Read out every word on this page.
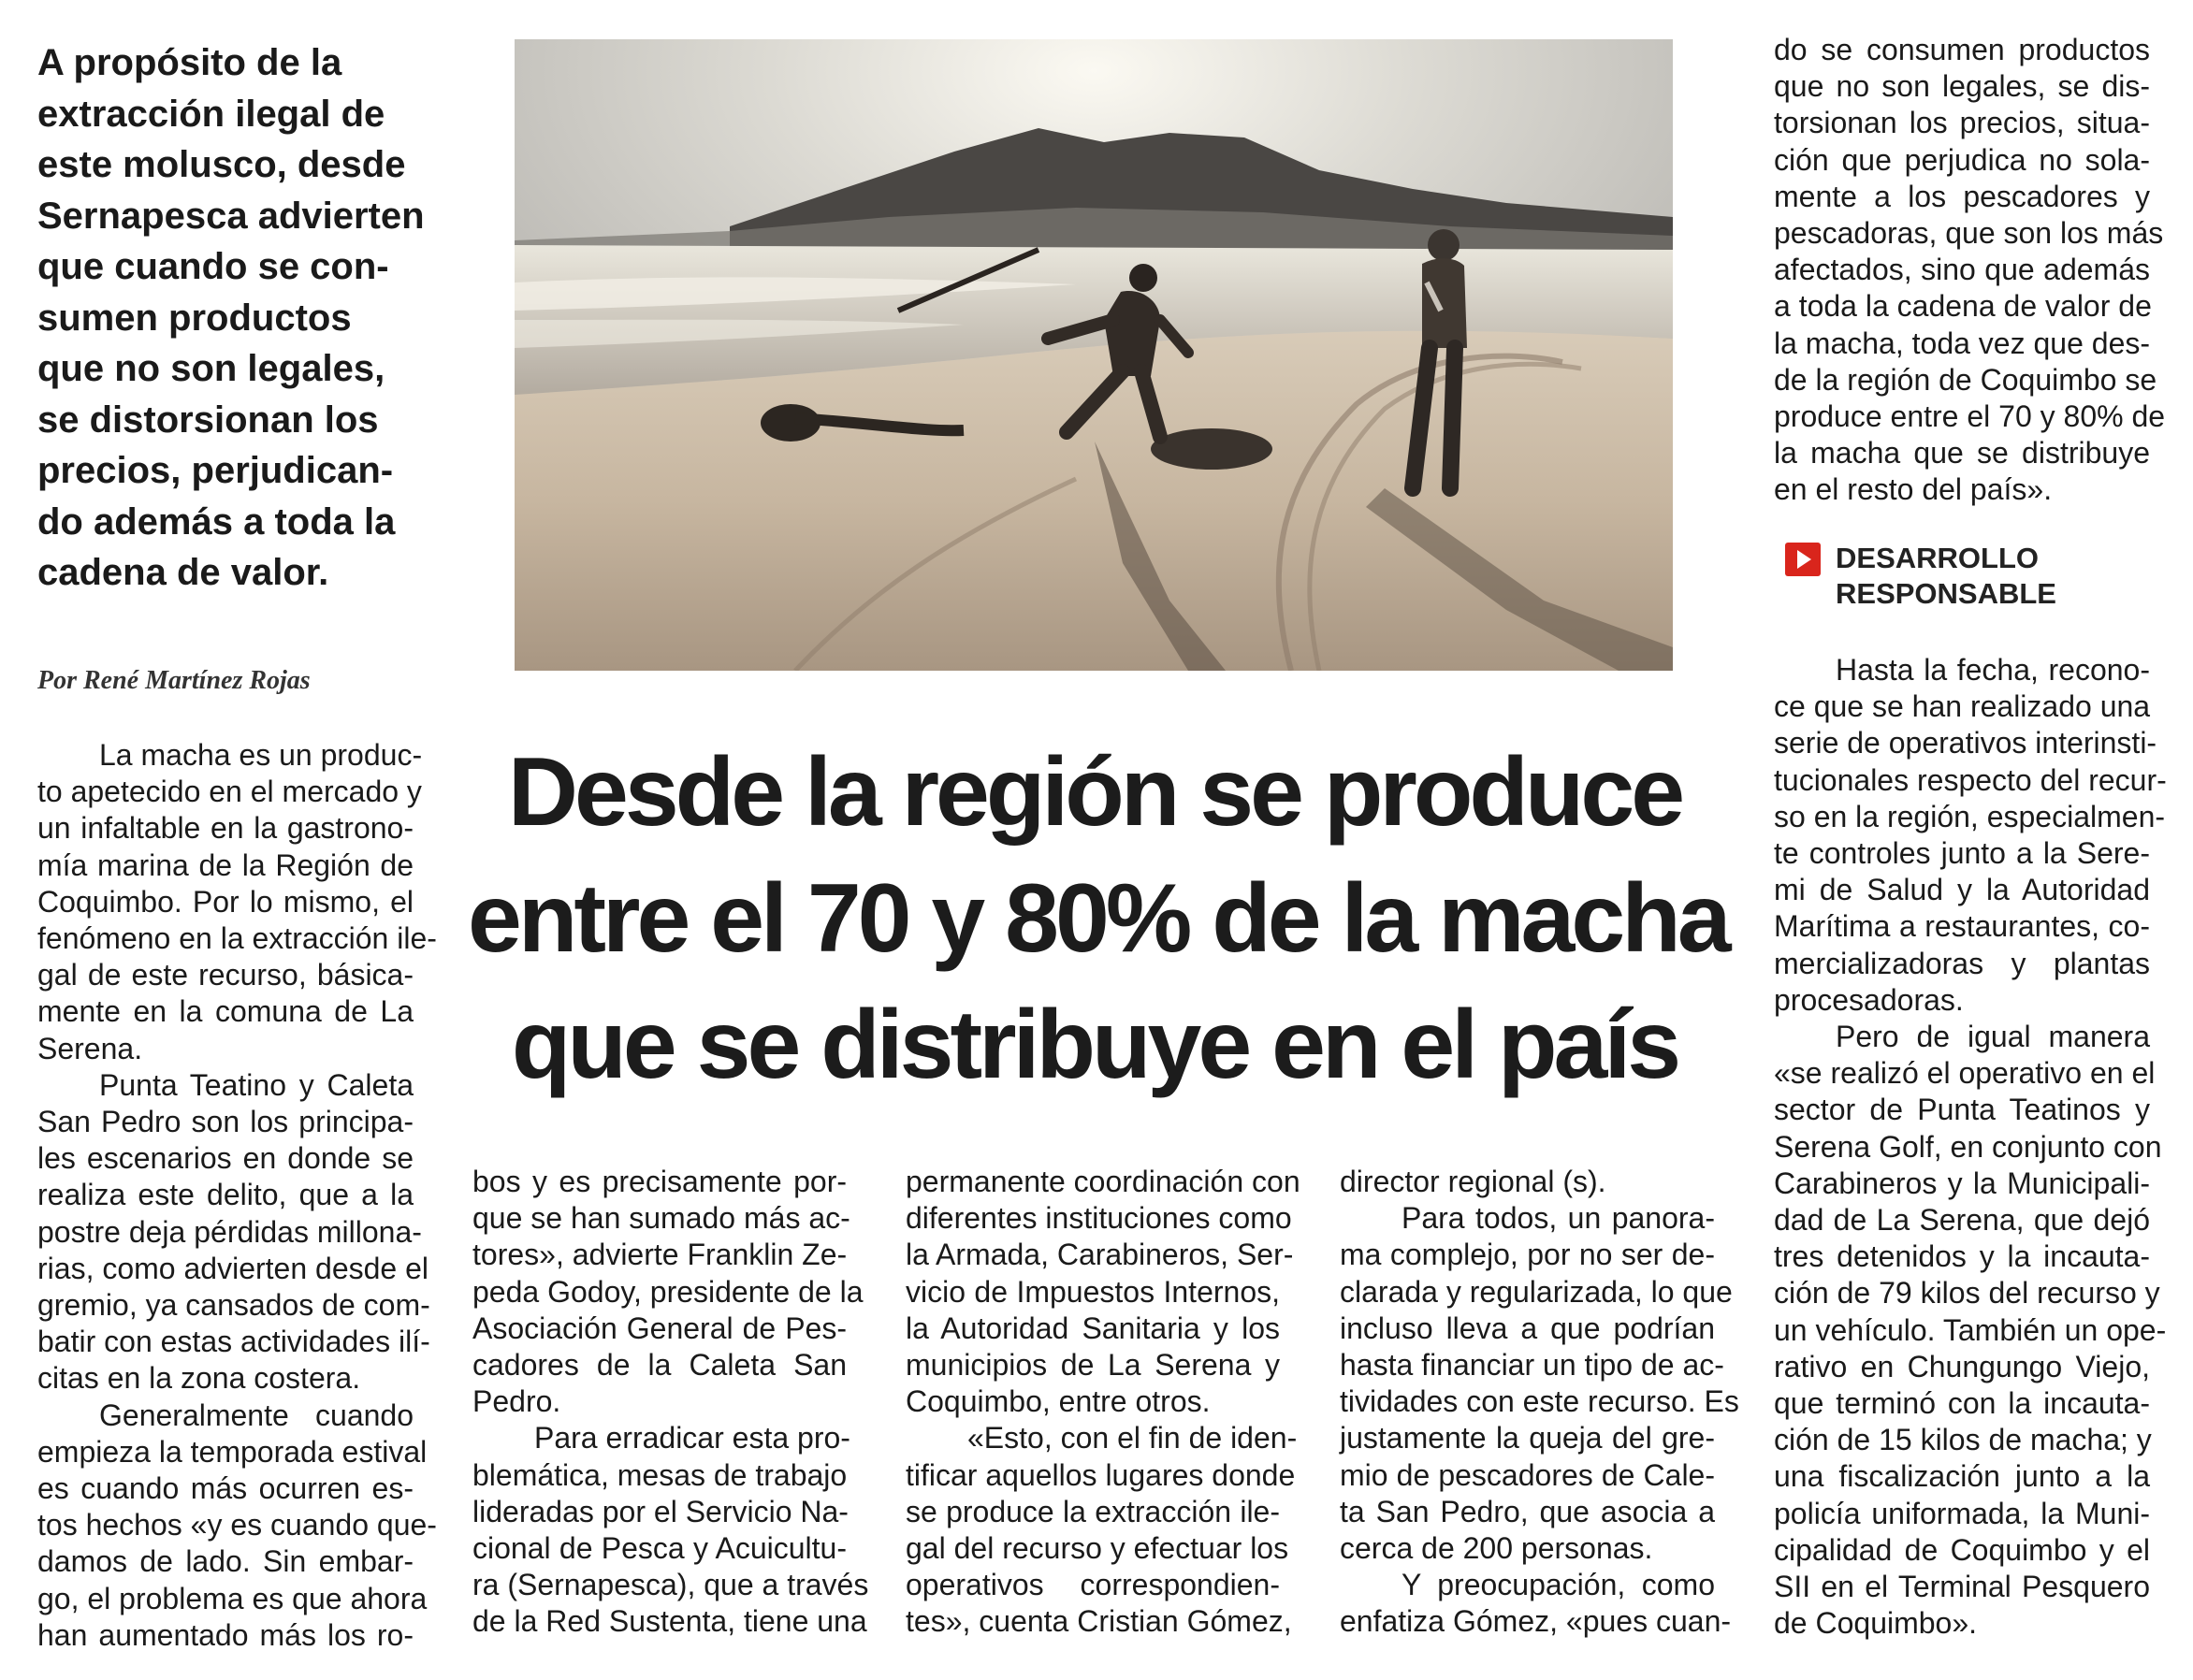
A propósito de la
extracción ilegal de
este molusco, desde
Sernapesca advierten
que cuando se con-
sumen productos
que no son legales,
se distorsionan los
precios, perjudican-
do además a toda la
cadena de valor.
Por René Martínez Rojas
La macha es un produc-
to apetecido en el mercado y
un infaltable en la gastrono-
mía marina de la Región de
Coquimbo. Por lo mismo, el
fenómeno en la extracción ile-
gal de este recurso, básica-
mente en la comuna de La
Serena.
Punta Teatino y Caleta
San Pedro son los principa-
les escenarios en donde se
realiza este delito, que a la
postre deja pérdidas millona-
rias, como advierten desde el
gremio, ya cansados de com-
batir con estas actividades ilí-
citas en la zona costera.
Generalmente cuando
empieza la temporada estival
es cuando más ocurren es-
tos hechos «y es cuando que-
damos de lado. Sin embar-
go, el problema es que ahora
han aumentado más los ro-
Desde la región se produce
entre el 70 y 80% de la macha
que se distribuye en el país
bos y es precisamente por-
que se han sumado más ac-
tores», advierte Franklin Ze-
peda Godoy, presidente de la
Asociación General de Pes-
cadores de la Caleta San
Pedro.
Para erradicar esta pro-
blemática, mesas de trabajo
lideradas por el Servicio Na-
cional de Pesca y Acuicultu-
ra (Sernapesca), que a través
de la Red Sustenta, tiene una
permanente coordinación con
diferentes instituciones como
la Armada, Carabineros, Ser-
vicio de Impuestos Internos,
la Autoridad Sanitaria y los
municipios de La Serena y
Coquimbo, entre otros.
«Esto, con el fin de iden-
tificar aquellos lugares donde
se produce la extracción ile-
gal del recurso y efectuar los
operativos correspondien-
tes», cuenta Cristian Gómez,
director regional (s).
Para todos, un panora-
ma complejo, por no ser de-
clarada y regularizada, lo que
incluso lleva a que podrían
hasta financiar un tipo de ac-
tividades con este recurso. Es
justamente la queja del gre-
mio de pescadores de Cale-
ta San Pedro, que asocia a
cerca de 200 personas.
Y preocupación, como
enfatiza Gómez, «pues cuan-
do se consumen productos
que no son legales, se dis-
torsionan los precios, situa-
ción que perjudica no sola-
mente a los pescadores y
pescadoras, que son los más
afectados, sino que además
a toda la cadena de valor de
la macha, toda vez que des-
de la región de Coquimbo se
produce entre el 70 y 80% de
la macha que se distribuye
en el resto del país».
DESARROLLO
RESPONSABLE
Hasta la fecha, recono-
ce que se han realizado una
serie de operativos interinsti-
tucionales respecto del recur-
so en la región, especialmen-
te controles junto a la Sere-
mi de Salud y la Autoridad
Marítima a restaurantes, co-
mercializadoras y plantas
procesadoras.
Pero de igual manera
«se realizó el operativo en el
sector de Punta Teatinos y
Serena Golf, en conjunto con
Carabineros y la Municipali-
dad de La Serena, que dejó
tres detenidos y la incauta-
ción de 79 kilos del recurso y
un vehículo. También un ope-
rativo en Chungungo Viejo,
que terminó con la incauta-
ción de 15 kilos de macha; y
una fiscalización junto a la
policía uniformada, la Muni-
cipalidad de Coquimbo y el
SII en el Terminal Pesquero
de Coquimbo».
